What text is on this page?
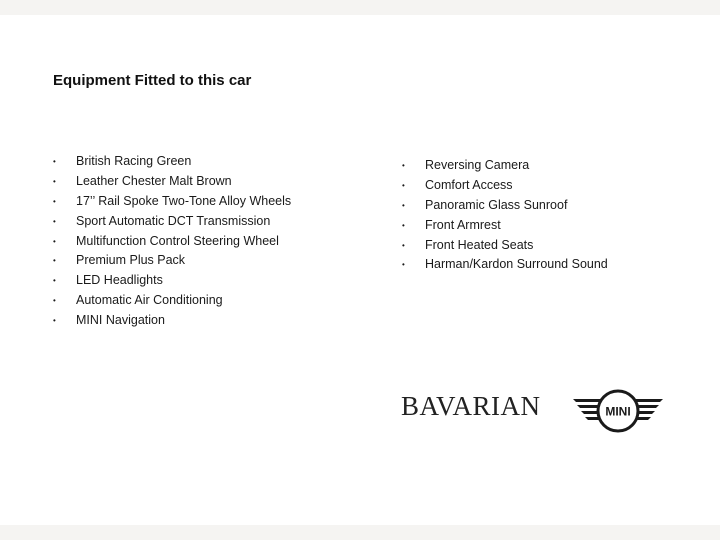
Equipment Fitted to this car
• British Racing Green
• Leather Chester Malt Brown
• 17’’ Rail Spoke Two-Tone Alloy Wheels
• Sport Automatic DCT Transmission
• Multifunction Control Steering Wheel
• Premium Plus Pack
• LED Headlights
• Automatic Air Conditioning
• MINI Navigation
• Reversing Camera
• Comfort Access
• Panoramic Glass Sunroof
• Front Armrest
• Front Heated Seats
• Harman/Kardon Surround Sound
BAVARIAN	MINI
